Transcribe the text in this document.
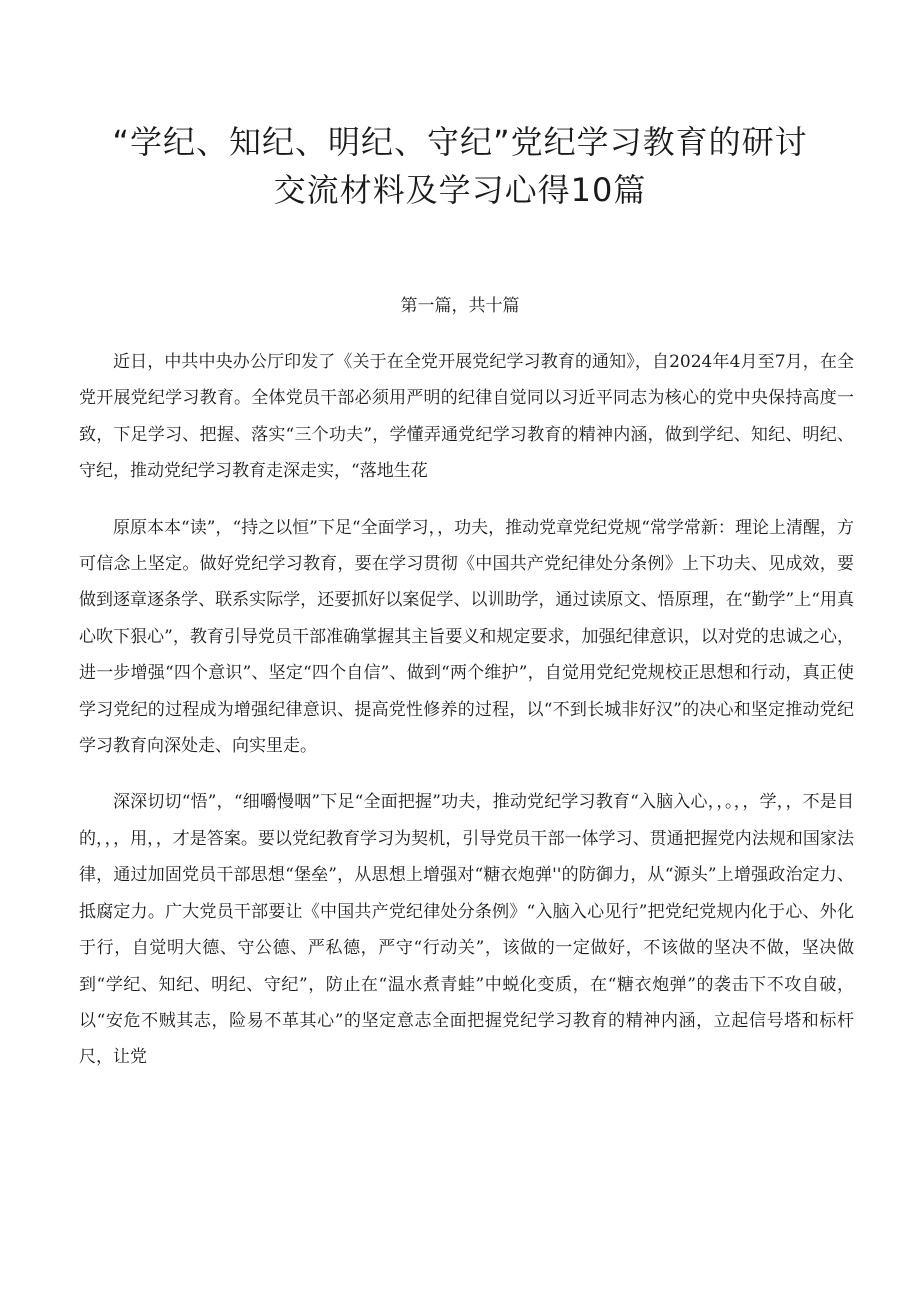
“学纪、知纪、明纪、守纪”党纪学习教育的研讨
交流材料及学习心得10篇

第一篇，共十篇

近日，中共中央办公厅印发了《关于在全党开展党纪学习教育的通知》，自2024年4月至7月，在全党开展党纪学习教育。全体党员干部必须用严明的纪律自觉同以习近平同志为核心的党中央保持高度一致，下足学习、把握、落实“三个功夫”，学懂弄通党纪学习教育的精神内涵，做到学纪、知纪、明纪、守纪，推动党纪学习教育走深走实，“落地生花

原原本本“读”，“持之以恒”下足“全面学习，，功夫，推动党章党纪党规“常学常新：理论上清醒，方可信念上坚定。做好党纪学习教育，要在学习贯彻《中国共产党纪律处分条例》上下功夫、见成效，要做到逐章逐条学、联系实际学，还要抓好以案促学、以训助学，通过读原文、悟原理，在“勤学”上“用真心吹下狠心”，教育引导党员干部准确掌握其主旨要义和规定要求，加强纪律意识，以对党的忠诚之心，进一步增强“四个意识”、坚定“四个自信”、做到“两个维护”，自觉用党纪党规校正思想和行动，真正使学习党纪的过程成为增强纪律意识、提高党性修养的过程，以“不到长城非好汉”的决心和坚定推动党纪学习教育向深处走、向实里走。

深深切切“悟”，“细嚼慢咽”下足“全面把握”功夫，推动党纪学习教育“入脑入心，，。，，学，，不是目的，，，用，，才是答案。要以党纪教育学习为契机，引导党员干部一体学习、贯通把握党内法规和国家法律，通过加固党员干部思想“堡垒”，从思想上增强对“糖衣炮弹''的防御力，从“源头”上增强政治定力、抵腐定力。广大党员干部要让《中国共产党纪律处分条例》“入脑入心见行”把党纪党规内化于心、外化于行，自觉明大德、守公德、严私德，严守“行动关”，该做的一定做好，不该做的坚决不做，坚决做到“学纪、知纪、明纪、守纪”，防止在“温水煮青蛙”中蜕化变质，在“糖衣炮弹”的袭击下不攻自破，以“安危不贼其志，险易不革其心”的坚定意志全面把握党纪学习教育的精神内涵，立起信号塔和标杆尺，让党
